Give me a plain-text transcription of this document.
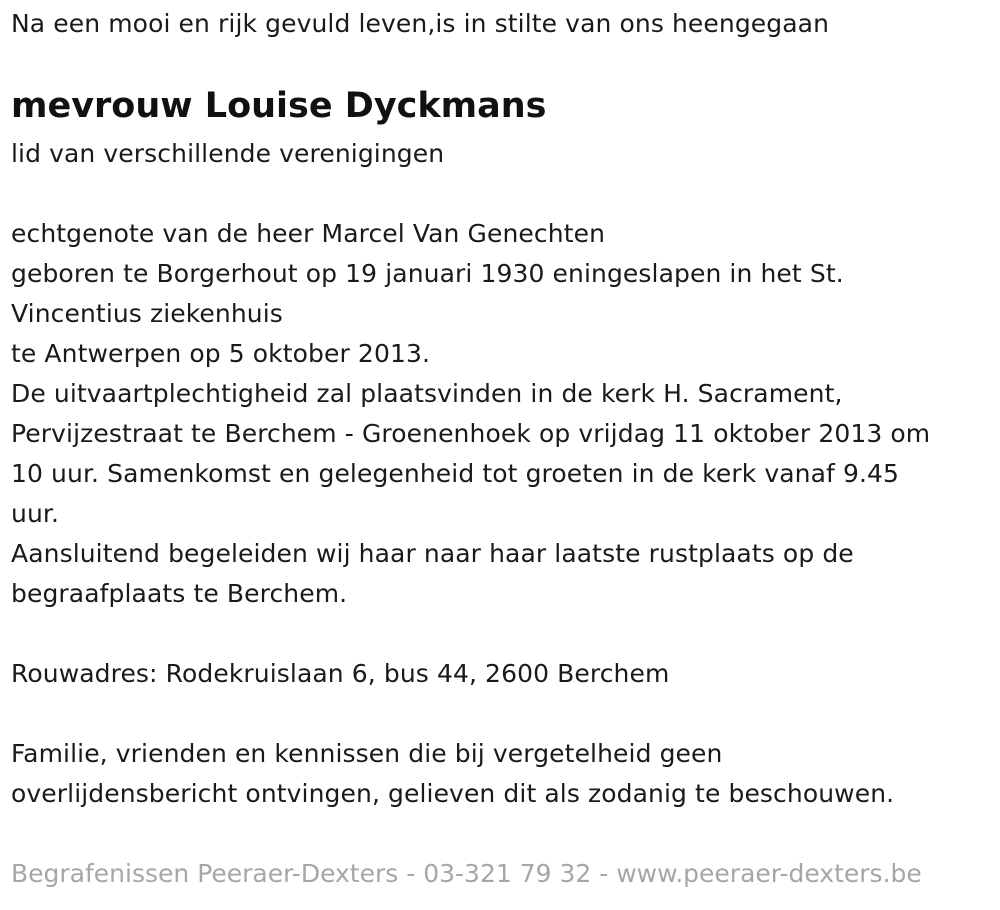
Na een mooi en rijk gevuld leven,is in stilte van ons heengegaan
mevrouw Louise Dyckmans
lid van verschillende verenigingen
echtgenote van de heer Marcel Van Genechten
geboren te Borgerhout op 19 januari 1930 eningeslapen in het St.
Vincentius ziekenhuis
te Antwerpen op 5 oktober 2013.
De uitvaartplechtigheid zal plaatsvinden in de kerk H. Sacrament,
Pervijzestraat te Berchem - Groenenhoek op vrijdag 11 oktober 2013 om
10 uur. Samenkomst en gelegenheid tot groeten in de kerk vanaf 9.45
uur.
Aansluitend begeleiden wij haar naar haar laatste rustplaats op de
begraafplaats te Berchem.
Rouwadres: Rodekruislaan 6, bus 44, 2600 Berchem
Familie, vrienden en kennissen die bij vergetelheid geen
overlijdensbericht ontvingen, gelieven dit als zodanig te beschouwen.
Begrafenissen Peeraer-Dexters - 03-321 79 32 - www.peeraer-dexters.be
